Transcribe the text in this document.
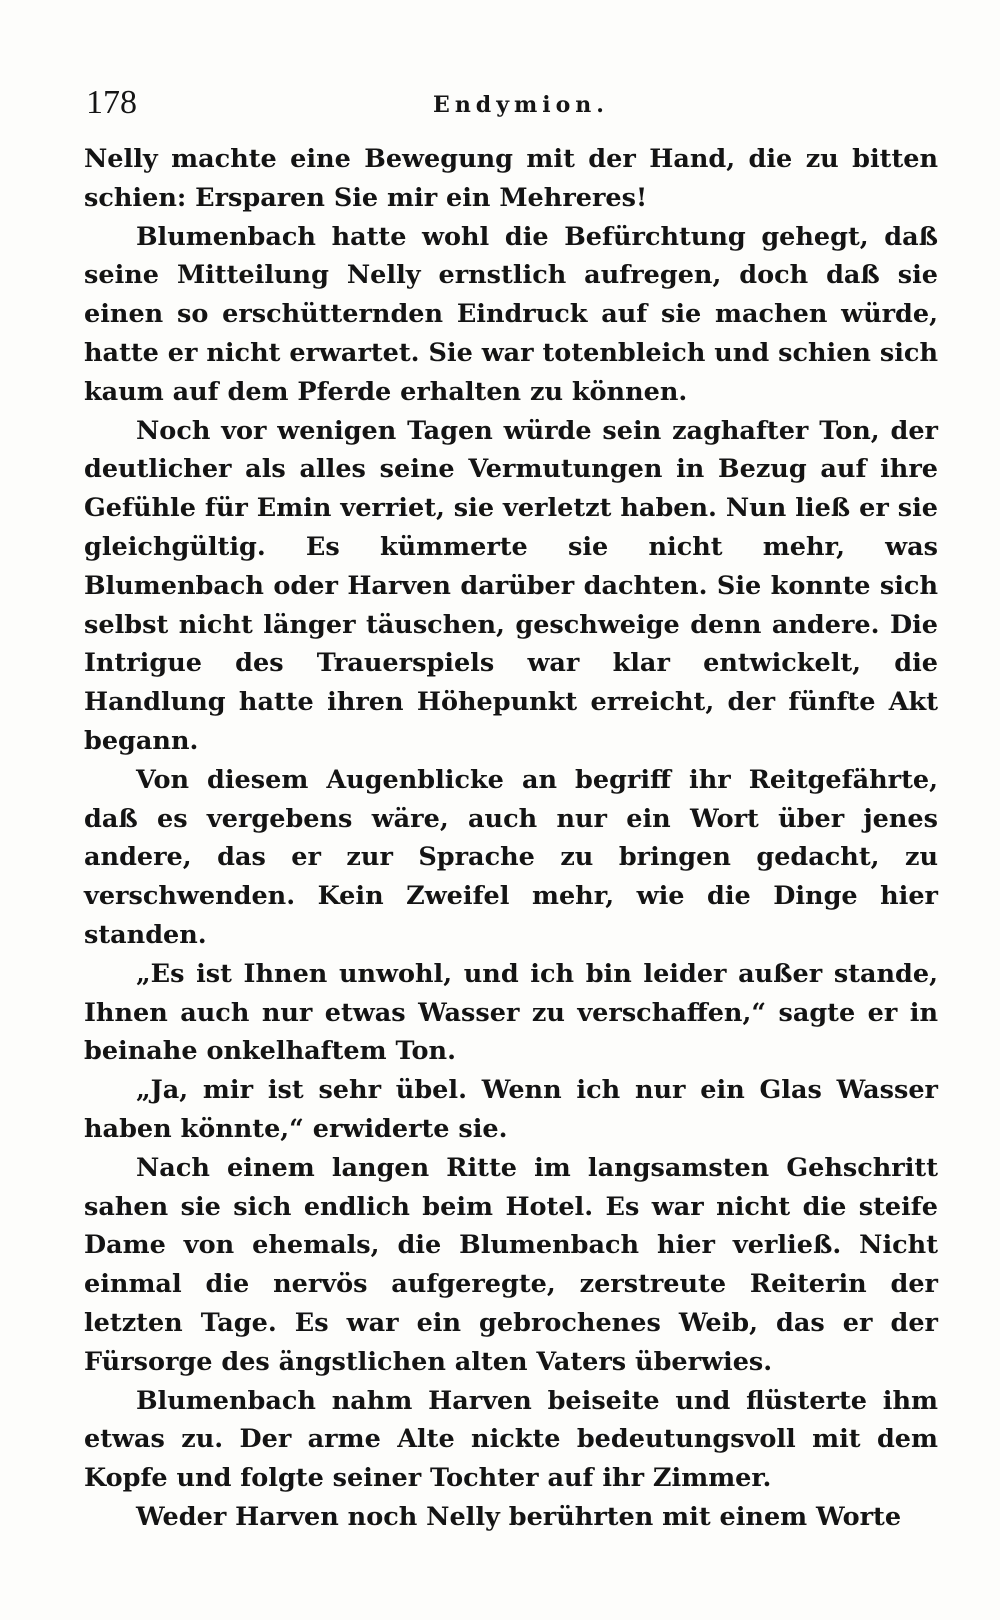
178	Endymion.

Nelly machte eine Bewegung mit der Hand, die zu bitten schien: Ersparen Sie mir ein Mehreres!

Blumenbach hatte wohl die Befürchtung gehegt, daß seine Mitteilung Nelly ernstlich aufregen, doch daß sie einen so erschütternden Eindruck auf sie machen würde, hatte er nicht erwartet. Sie war totenbleich und schien sich kaum auf dem Pferde erhalten zu können.

Noch vor wenigen Tagen würde sein zaghafter Ton, der deutlicher als alles seine Vermutungen in Bezug auf ihre Gefühle für Emin verriet, sie verletzt haben. Nun ließ er sie gleichgültig. Es kümmerte sie nicht mehr, was Blumenbach oder Harven darüber dachten. Sie konnte sich selbst nicht länger täuschen, geschweige denn andere. Die Intrigue des Trauerspiels war klar entwickelt, die Handlung hatte ihren Höhepunkt erreicht, der fünfte Akt begann.

Von diesem Augenblicke an begriff ihr Reitgefährte, daß es vergebens wäre, auch nur ein Wort über jenes andere, das er zur Sprache zu bringen gedacht, zu verschwenden. Kein Zweifel mehr, wie die Dinge hier standen.

„Es ist Ihnen unwohl, und ich bin leider außer stande, Ihnen auch nur etwas Wasser zu verschaffen,“ sagte er in beinahe onkelhaftem Ton.

„Ja, mir ist sehr übel. Wenn ich nur ein Glas Wasser haben könnte,“ erwiderte sie.

Nach einem langen Ritte im langsamsten Gehschritt sahen sie sich endlich beim Hotel. Es war nicht die steife Dame von ehemals, die Blumenbach hier verließ. Nicht einmal die nervös aufgeregte, zerstreute Reiterin der letzten Tage. Es war ein gebrochenes Weib, das er der Fürsorge des ängstlichen alten Vaters überwies.

Blumenbach nahm Harven beiseite und flüsterte ihm etwas zu. Der arme Alte nickte bedeutungsvoll mit dem Kopfe und folgte seiner Tochter auf ihr Zimmer.

Weder Harven noch Nelly berührten mit einem Worte
